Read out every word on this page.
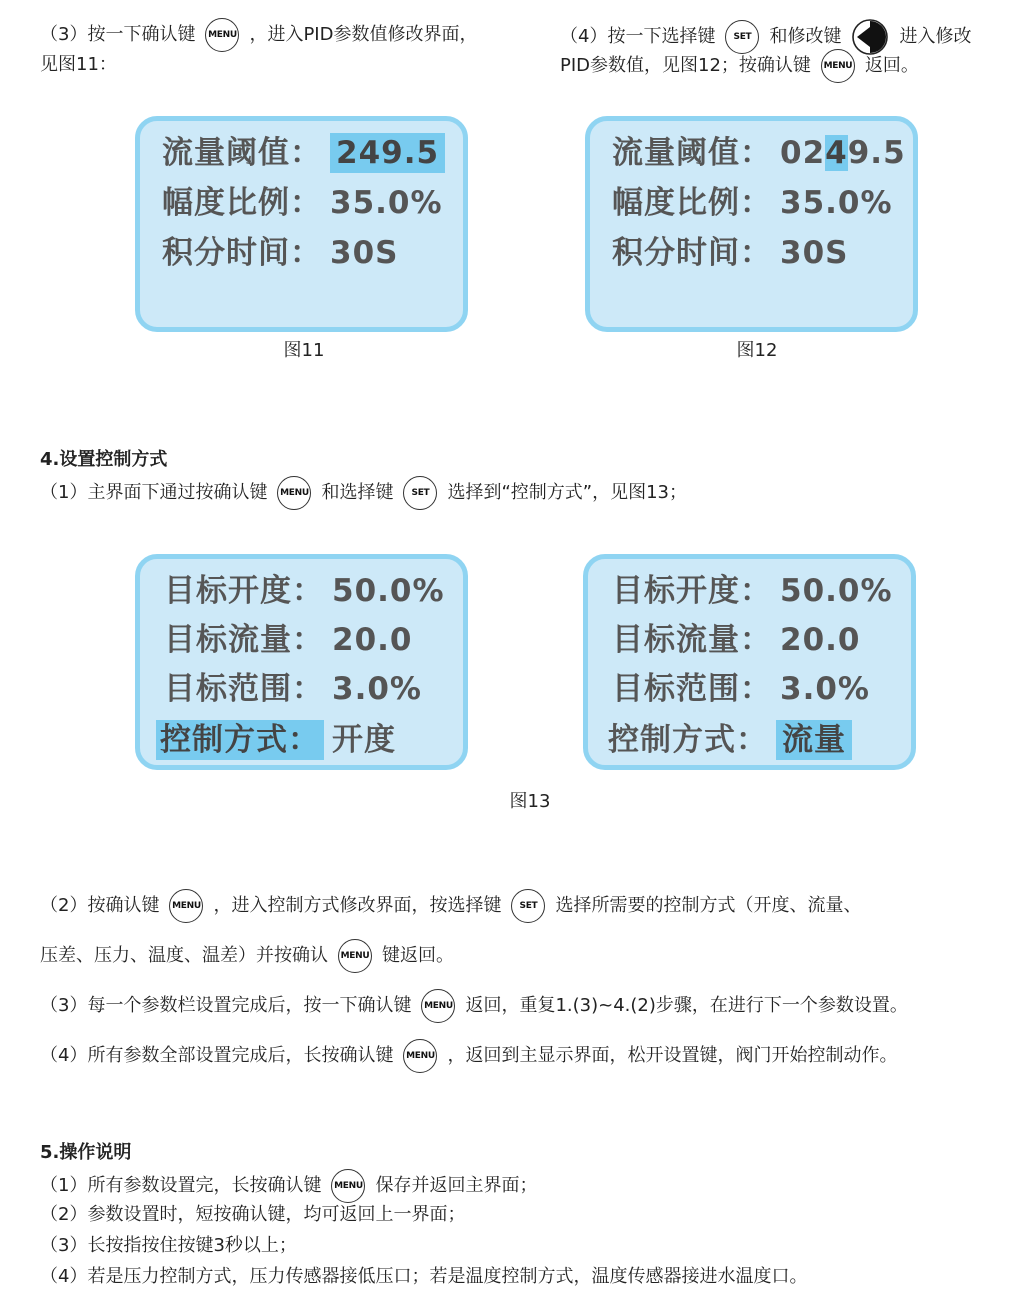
（3）按一下确认键 MENU ，进入PID参数值修改界面，
见图11：
（4）按一下选择键	SET	和修改键	进入修改
PID参数值，见图12；按确认键 MENU 返回。
流量阈值： 249.5
幅度比例： 35.0%
积分时间： 30S
图11
流量阈值： 0249.5
幅度比例： 35.0%
积分时间： 30S
图12
4.设置控制方式
（1）主界面下通过按确认键 MENU 和选择键	SET	选择到“控制方式”，见图13；
目标开度： 50.0%
目标流量： 20.0
目标范围： 3.0%
控制方式： 开度
目标开度： 50.0%
目标流量： 20.0
目标范围： 3.0%
控制方式： 流量
图13
（2）按确认键 MENU ，进入控制方式修改界面，按选择键	SET	选择所需要的控制方式（开度、流量、
压差、压力、温度、温差）并按确认 MENU 键返回。
（3）每一个参数栏设置完成后，按一下确认键 MENU 返回，重复1.(3)~4.(2)步骤，在进行下一个参数设置。
（4）所有参数全部设置完成后，长按确认键 MENU ，返回到主显示界面，松开设置键，阀门开始控制动作。
5.操作说明
（1）所有参数设置完，长按确认键 MENU 保存并返回主界面；
（2）参数设置时，短按确认键，均可返回上一界面；
（3）长按指按住按键3秒以上；
（4）若是压力控制方式，压力传感器接低压口；若是温度控制方式，温度传感器接进水温度口。
